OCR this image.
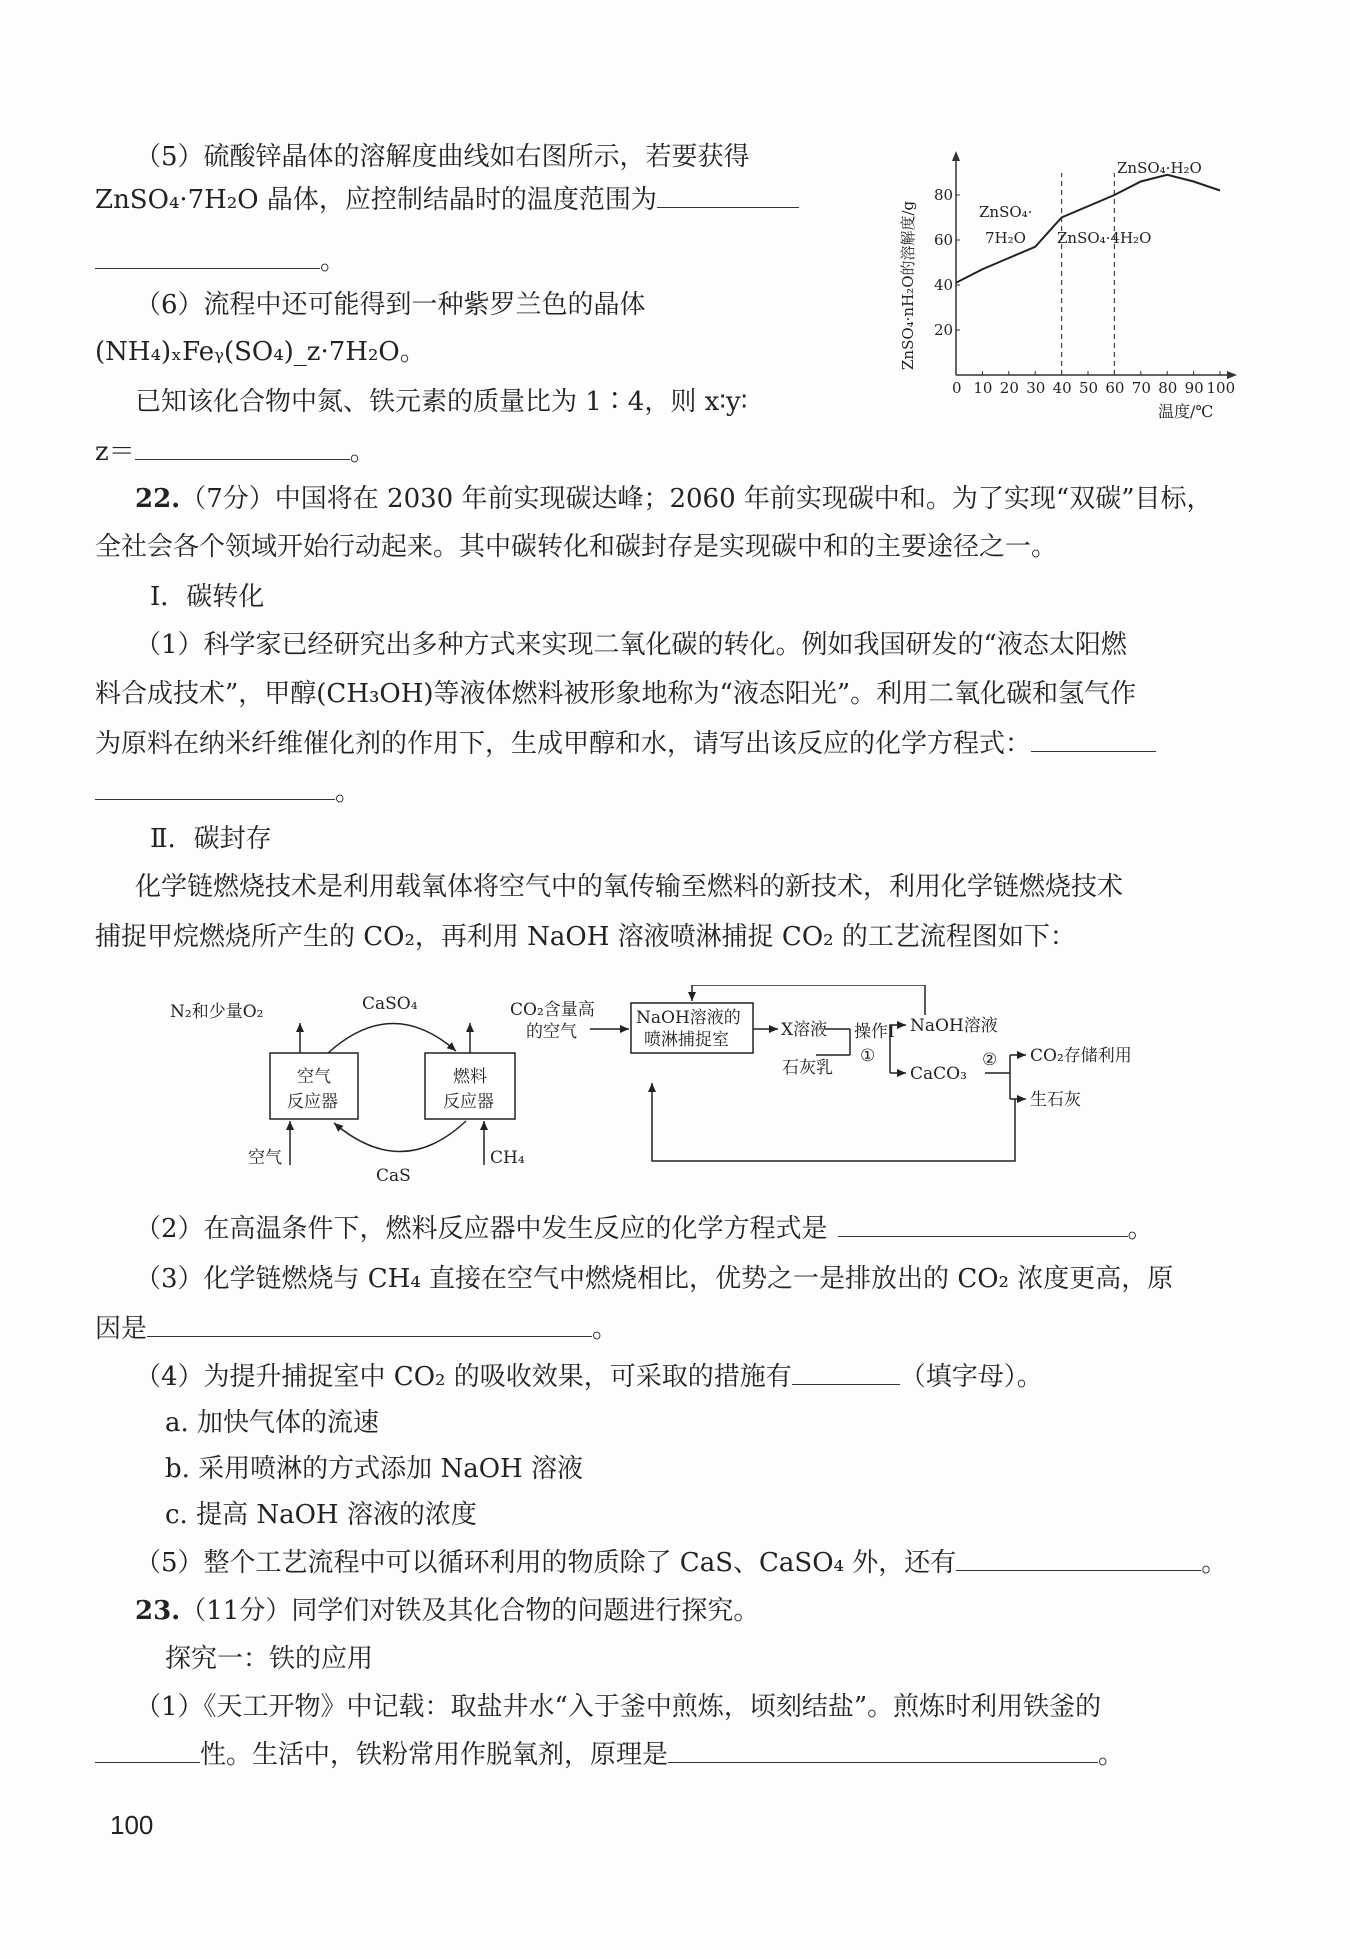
（5）硫酸锌晶体的溶解度曲线如右图所示，若要获得
ZnSO₄·7H₂O 晶体，应控制结晶时的温度范围为
。
（6）流程中还可能得到一种紫罗兰色的晶体
(NH₄)ₓFeᵧ(SO₄)_z·7H₂O。
已知该化合物中氮、铁元素的质量比为 1∶4，则 x∶y∶
z＝	。
0 10 20 30 40 50 60 70 80 90 100
20
40
60
80
ZnSO₄·nH₂O的溶解度/g
温度/℃
ZnSO₄·
7H₂O ZnSO₄·4H₂O
ZnSO₄·H₂O
22.（7分）中国将在 2030 年前实现碳达峰；2060 年前实现碳中和。为了实现“双碳”目标，
全社会各个领域开始行动起来。其中碳转化和碳封存是实现碳中和的主要途径之一。
Ⅰ．碳转化
（1）科学家已经研究出多种方式来实现二氧化碳的转化。例如我国研发的“液态太阳燃
料合成技术”，甲醇(CH₃OH)等液体燃料被形象地称为“液态阳光”。利用二氧化碳和氢气作
为原料在纳米纤维催化剂的作用下，生成甲醇和水，请写出该反应的化学方程式：
。
Ⅱ．碳封存
化学链燃烧技术是利用载氧体将空气中的氧传输至燃料的新技术，利用化学链燃烧技术
捕捉甲烷燃烧所产生的 CO₂，再利用 NaOH 溶液喷淋捕捉 CO₂ 的工艺流程图如下：
N₂和少量O₂	CaSO₄
空气
反应器
燃料
反应器
CaS
空气	CH₄
CO₂含量高
的空气
NaOH溶液的
喷淋捕捉室	X溶液 操作Ⅰ
①
NaOH溶液
石灰乳	CaCO₃
② CO₂存储利用
生石灰
（2）在高温条件下，燃料反应器中发生反应的化学方程式是	。
（3）化学链燃烧与 CH₄ 直接在空气中燃烧相比，优势之一是排放出的 CO₂ 浓度更高，原
因是	。
（4）为提升捕捉室中 CO₂ 的吸收效果，可采取的措施有	（填字母）。
a. 加快气体的流速
b. 采用喷淋的方式添加 NaOH 溶液
c. 提高 NaOH 溶液的浓度
（5）整个工艺流程中可以循环利用的物质除了 CaS、CaSO₄ 外，还有	。
23.（11分）同学们对铁及其化合物的问题进行探究。
探究一：铁的应用
（1）《天工开物》中记载：取盐井水“入于釜中煎炼，顷刻结盐”。煎炼时利用铁釜的
性。生活中，铁粉常用作脱氧剂，原理是	。
100
